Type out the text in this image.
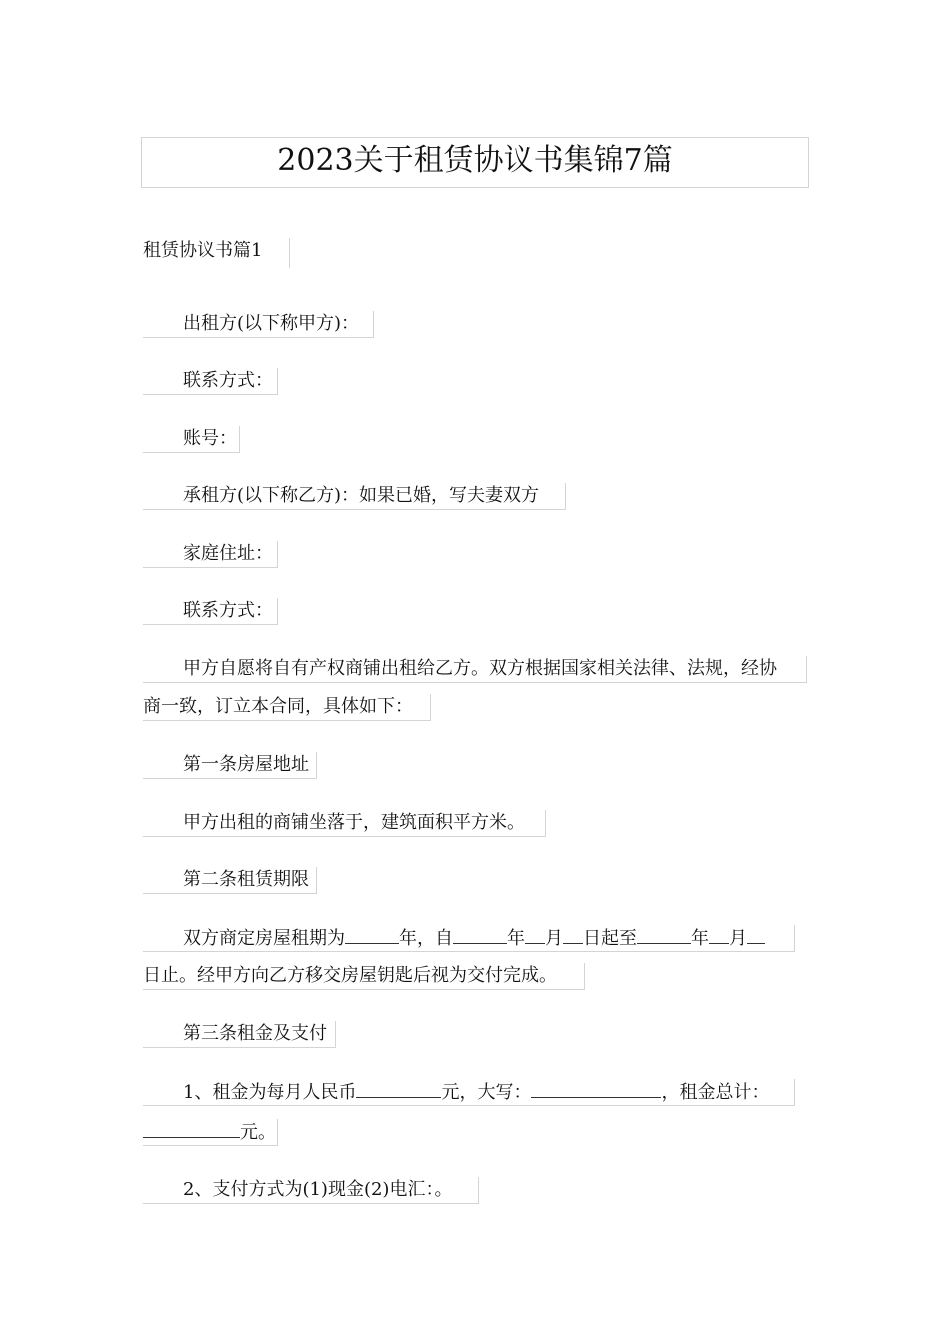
2023关于租赁协议书集锦7篇
租赁协议书篇1
出租方(以下称甲方)：
联系方式：
账号：
承租方(以下称乙方)：如果已婚，写夫妻双方
家庭住址：
联系方式：
甲方自愿将自有产权商铺出租给乙方。双方根据国家相关法律、法规，经协
商一致，订立本合同，具体如下：
第一条房屋地址
甲方出租的商铺坐落于，建筑面积平方米。
第二条租赁期限
双方商定房屋租期为	年，自	年 月 日起至	年 月
日止。经甲方向乙方移交房屋钥匙后视为交付完成。
第三条租金及支付
1、租金为每月人民币	元，大写：	，租金总计：
元。
2、支付方式为(1)现金(2)电汇：。
